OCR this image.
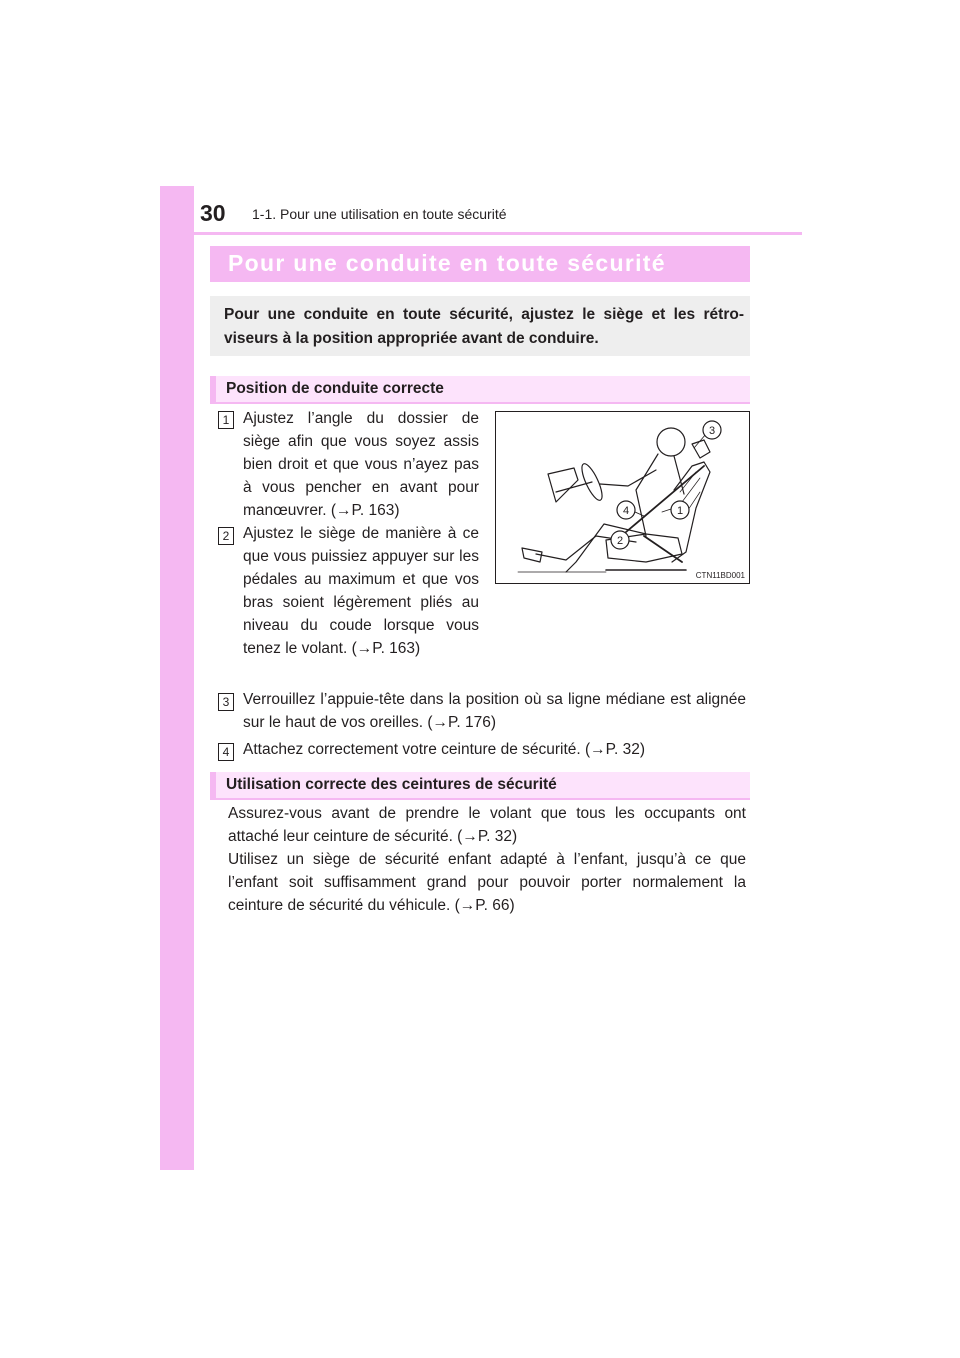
30 1-1. Pour une utilisation en toute sécurité
Pour une conduite en toute sécurité
Pour une conduite en toute sécurité, ajustez le siège et les rétro-viseurs à la position appropriée avant de conduire.
Position de conduite correcte
1 Ajustez l’angle du dossier de siège afin que vous soyez assis bien droit et que vous n’ayez pas à vous pencher en avant pour manœuvrer. (→P. 163)
2 Ajustez le siège de manière à ce que vous puissiez appuyer sur les pédales au maximum et que vos bras soient légèrement pliés au niveau du coude lorsque vous tenez le volant. (→P. 163)
3
1
4
2
CTN11BD001
3 Verrouillez l’appuie-tête dans la position où sa ligne médiane est alignée sur le haut de vos oreilles. (→P. 176)
4 Attachez correctement votre ceinture de sécurité. (→P. 32)
Utilisation correcte des ceintures de sécurité
Assurez-vous avant de prendre le volant que tous les occupants ont attaché leur ceinture de sécurité. (→P. 32)
Utilisez un siège de sécurité enfant adapté à l’enfant, jusqu’à ce que l’enfant soit suffisamment grand pour pouvoir porter normalement la ceinture de sécurité du véhicule. (→P. 66)
